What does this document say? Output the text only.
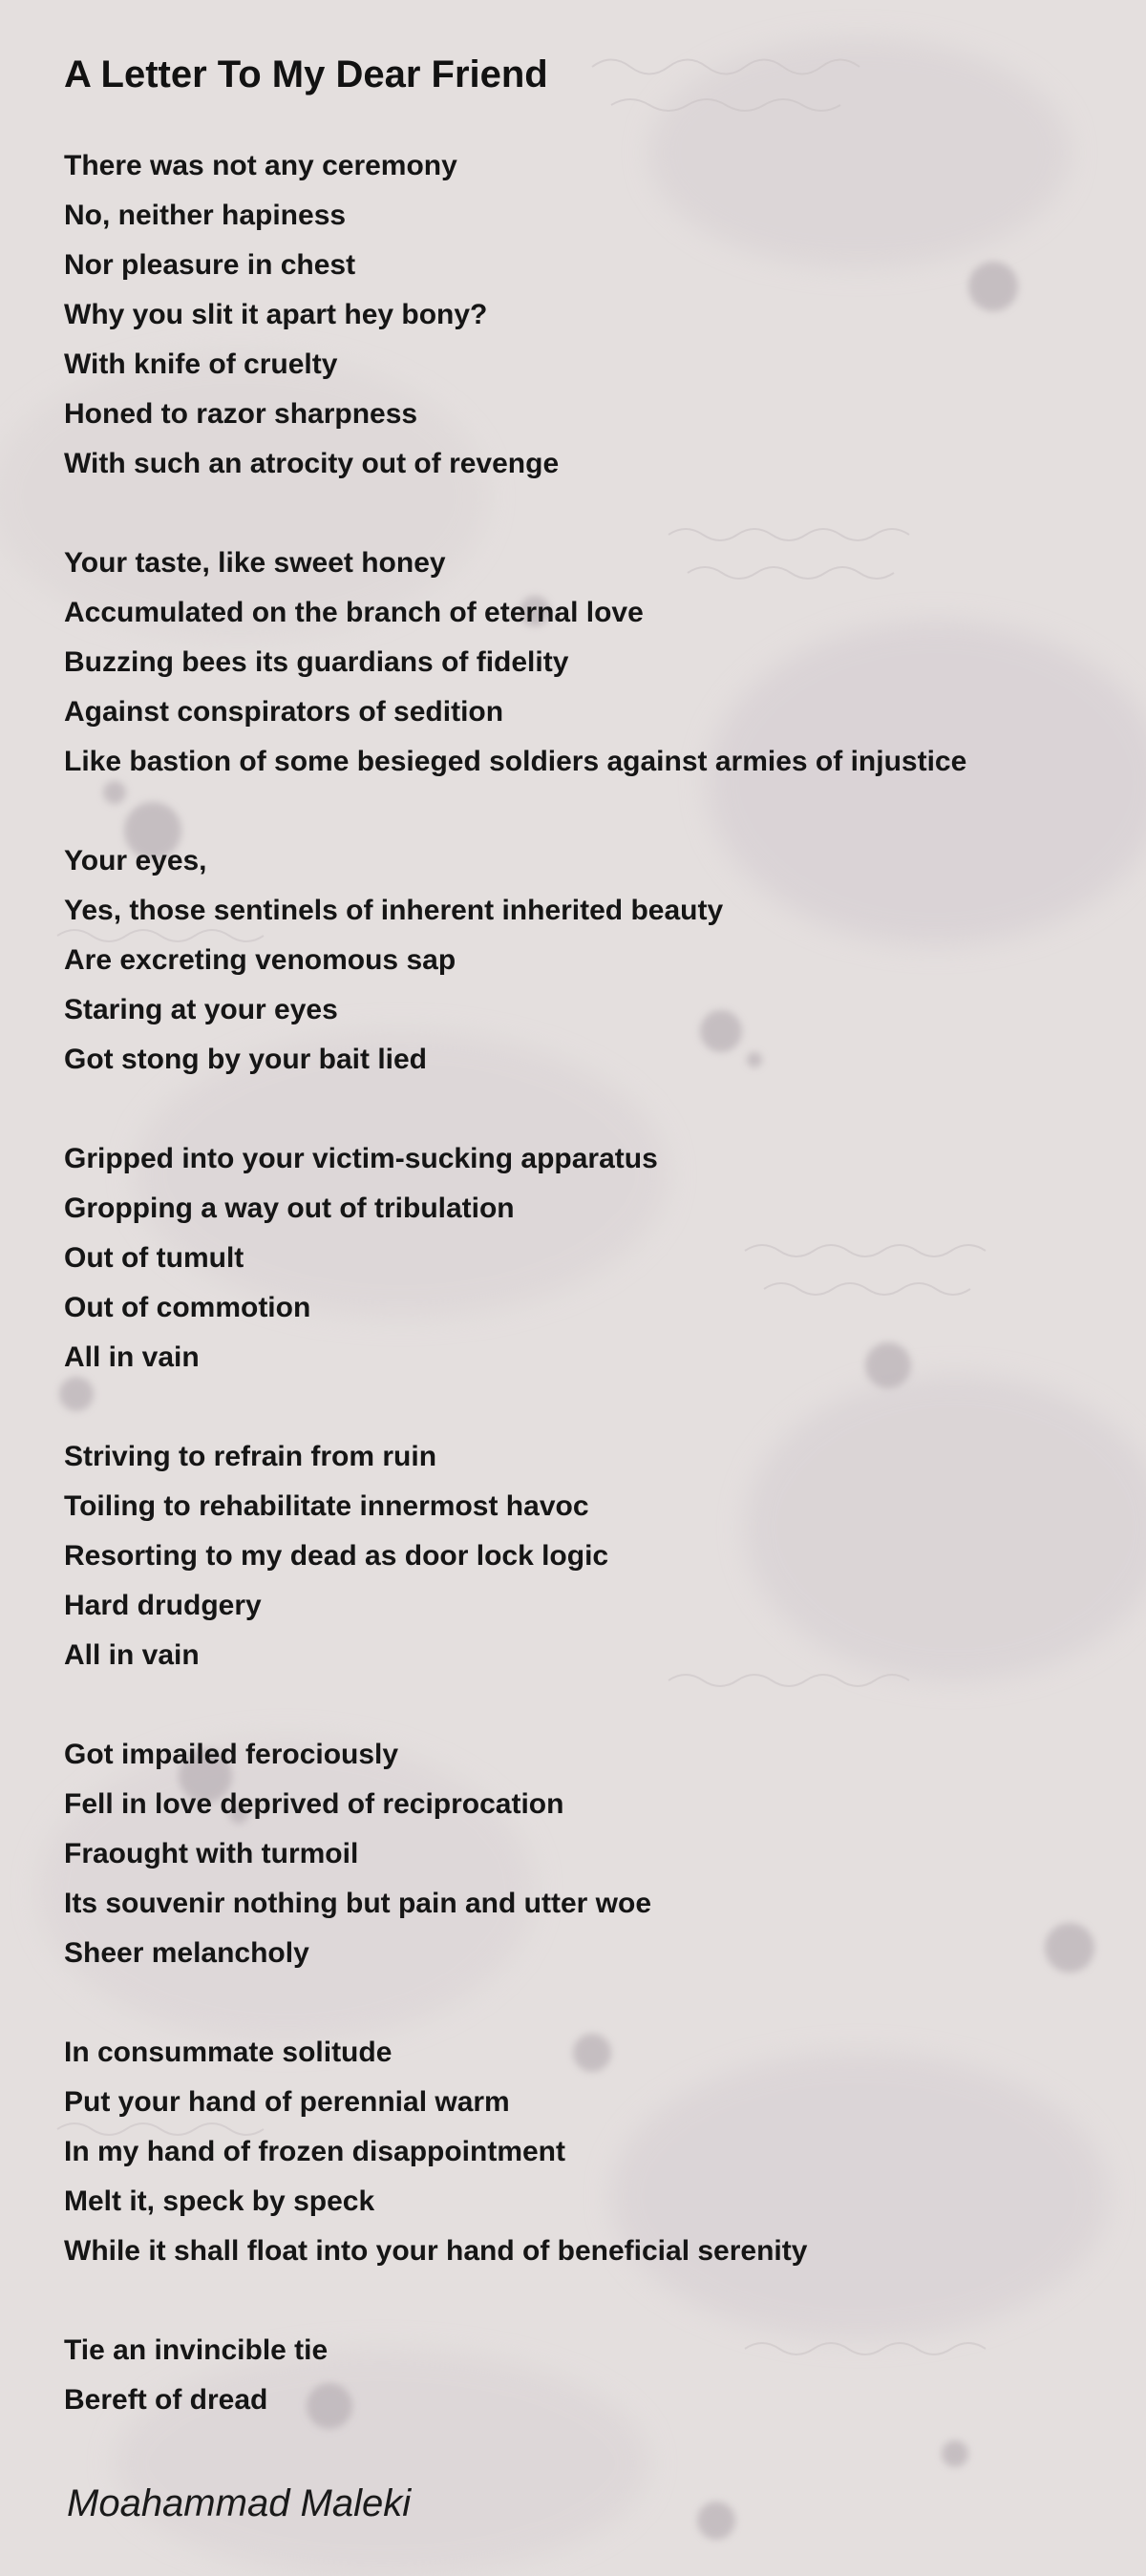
A Letter To My Dear Friend
There was not any ceremony
No, neither hapiness
Nor pleasure in chest
Why you slit it apart hey bony?
With knife of cruelty
Honed to razor sharpness
With such an atrocity out of revenge
Your taste, like sweet honey
Accumulated on the branch of eternal love
Buzzing bees its guardians of fidelity
Against conspirators of sedition
Like bastion of some besieged soldiers against armies of injustice
Your eyes,
Yes, those sentinels of inherent inherited beauty
Are excreting venomous sap
Staring at your eyes
Got stong by your bait lied
Gripped into your victim-sucking apparatus
Gropping a way out of tribulation
Out of tumult
Out of commotion
All in vain
Striving to refrain from ruin
Toiling to rehabilitate innermost havoc
Resorting to my dead as door lock logic
Hard drudgery
All in vain
Got impailed ferociously
Fell in love deprived of reciprocation
Fraought with turmoil
Its souvenir nothing but pain and utter woe
Sheer melancholy
In consummate solitude
Put your hand of perennial warm
In my hand of frozen disappointment
Melt it, speck by speck
While it shall float into your hand of beneficial serenity
Tie an invincible tie
Bereft of dread

Moahammad Maleki
